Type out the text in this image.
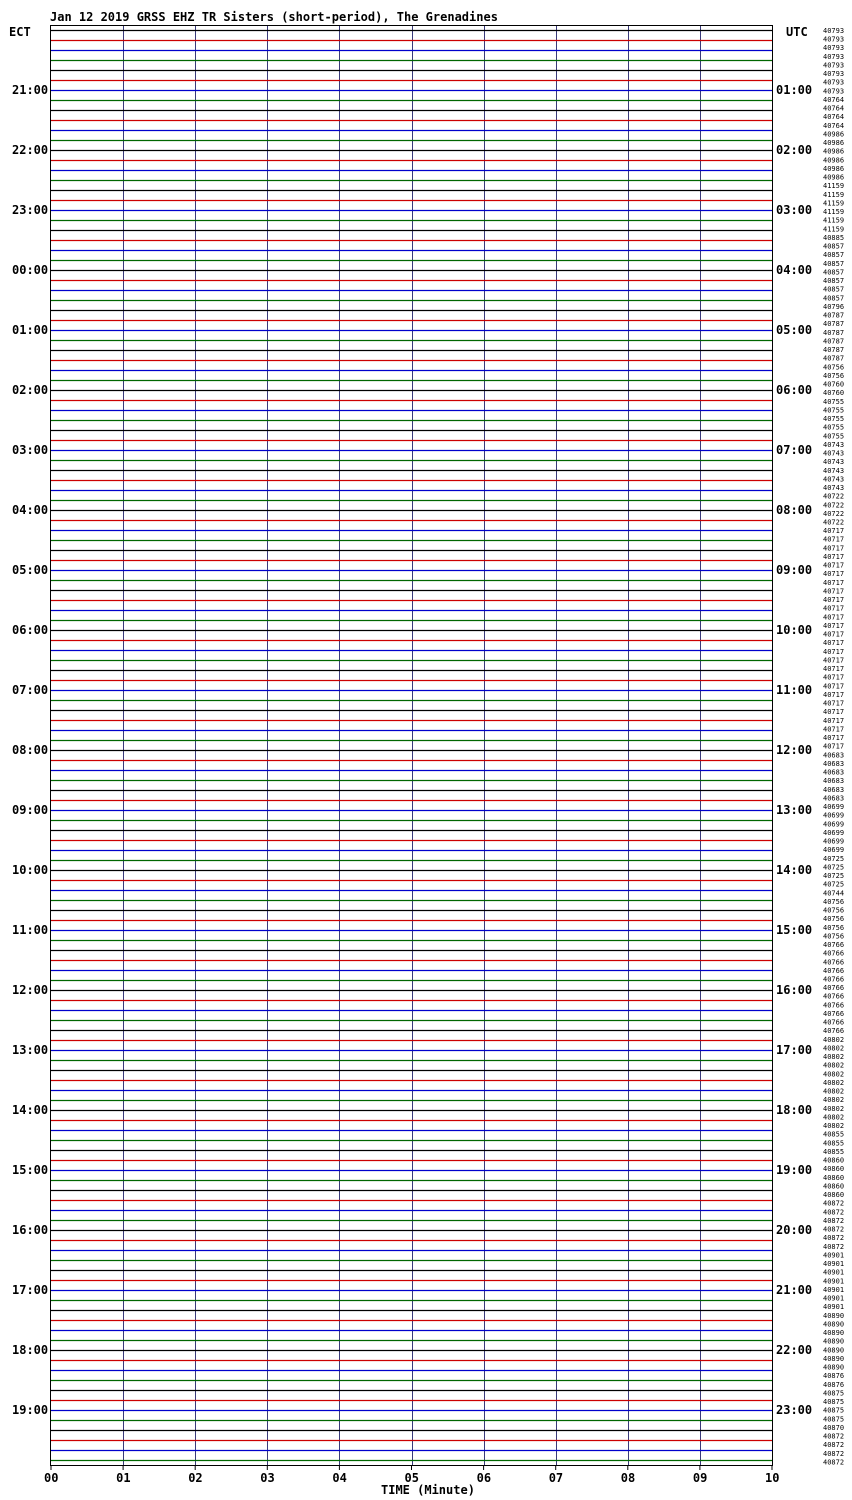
Jan 12 2019 GRSS EHZ TR Sisters (short-period), The Grenadines
ECT	UTC
21:00
22:00
23:00
00:00
01:00
02:00
03:00
04:00
05:00
06:00
07:00
08:00
09:00
10:00
11:00
12:00
13:00
14:00
15:00
16:00
17:00
18:00
19:00
01:00
02:00
03:00
04:00
05:00
06:00
07:00
08:00
09:00
10:00
11:00
12:00
13:00
14:00
15:00
16:00
17:00
18:00
19:00
20:00
21:00
22:00
23:00
40793
40793
40793
40793
40793
40793
40793
40793
40764
40764
40764
40764
40986
40986
40986
40986
40986
40986
41159
41159
41159
41159
41159
41159
40885
40857
40857
40857
40857
40857
40857
40857
40796
40787
40787
40787
40787
40787
40787
40756
40756
40760
40760
40755
40755
40755
40755
40755
40743
40743
40743
40743
40743
40743
40722
40722
40722
40722
40717
40717
40717
40717
40717
40717
40717
40717
40717
40717
40717
40717
40717
40717
40717
40717
40717
40717
40717
40717
40717
40717
40717
40717
40717
40717
40683
40683
40683
40683
40683
40683
40699
40699
40699
40699
40699
40699
40725
40725
40725
40725
40744
40756
40756
40756
40756
40756
40766
40766
40766
40766
40766
40766
40766
40766
40766
40766
40766
40802
40802
40802
40802
40802
40802
40802
40802
40802
40802
40802
40855
40855
40855
40860
40860
40860
40860
40860
40872
40872
40872
40872
40872
40872
40901
40901
40901
40901
40901
40901
40901
40890
40890
40890
40890
40890
40890
40890
40876
40876
40875
40875
40875
40875
40870
40872
40872
40872
40872
00	01	02	03	04	05	06	07	08	09	10
TIME (Minute)
